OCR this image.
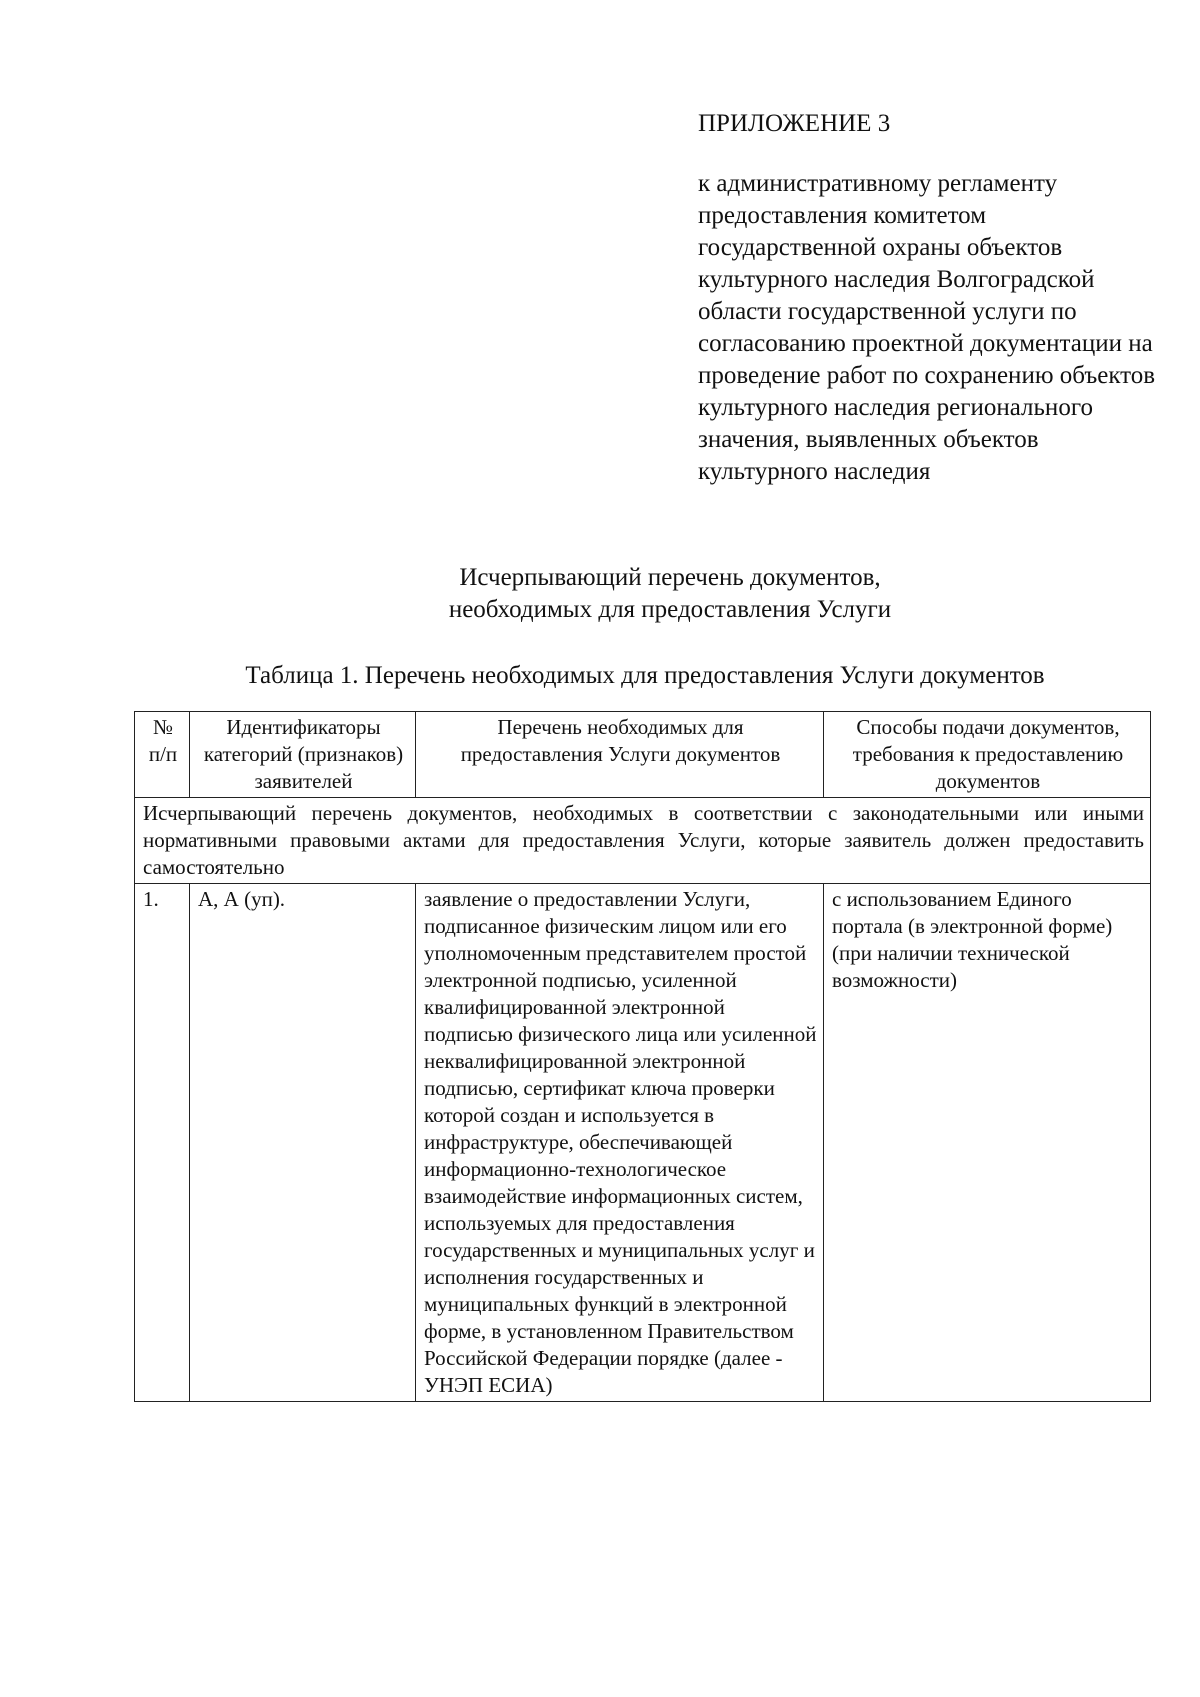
ПРИЛОЖЕНИЕ 3

к административному регламенту предоставления комитетом государственной охраны объектов культурного наследия Волгоградской области государственной услуги по согласованию проектной документации на проведение работ по сохранению объектов культурного наследия регионального значения, выявленных объектов культурного наследия

Исчерпывающий перечень документов,
необходимых для предоставления Услуги
Таблица 1. Перечень необходимых для предоставления Услуги документов
№ п/п	Идентификаторы категорий (признаков) заявителей	Перечень необходимых для предоставления Услуги документов	Способы подачи документов, требования к предоставлению документов
Исчерпывающий перечень документов, необходимых в соответствии с законодательными или иными нормативными правовыми актами для предоставления Услуги, которые заявитель должен предоставить самостоятельно			
1.	А, А (уп).	заявление о предоставлении Услуги, подписанное физическим лицом или его уполномоченным представителем простой электронной подписью, усиленной квалифицированной электронной подписью физического лица или усиленной неквалифицированной электронной подписью, сертификат ключа проверки которой создан и используется в инфраструктуре, обеспечивающей информационно-технологическое взаимодействие информационных систем, используемых для предоставления государственных и муниципальных услуг и исполнения государственных и муниципальных функций в электронной форме, в установленном Правительством Российской Федерации порядке (далее - УНЭП ЕСИА)	с использованием Единого портала (в электронной форме) (при наличии технической возможности)
